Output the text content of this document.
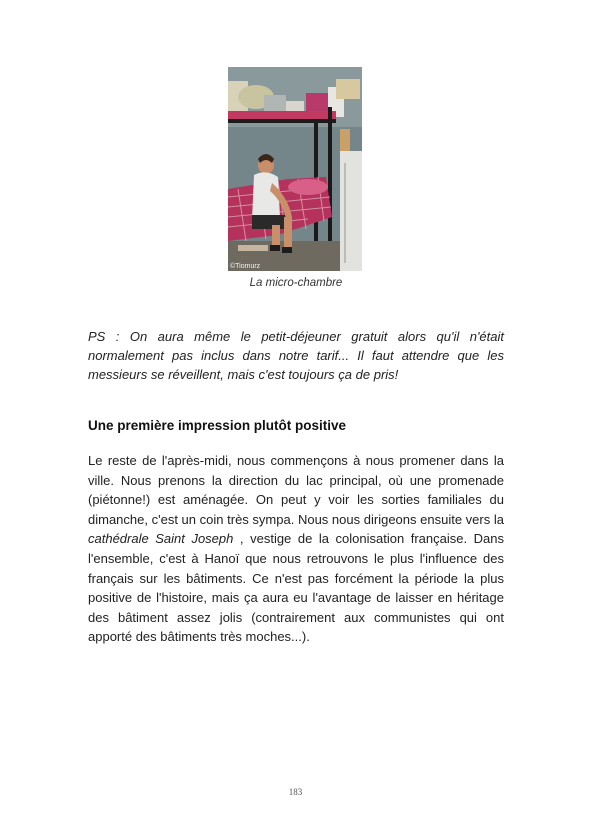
©Tiomurz
La micro-chambre

PS : On aura même le petit-déjeuner gratuit alors qu'il n'était normalement pas inclus dans notre tarif... Il faut attendre que les messieurs se réveillent, mais c'est toujours ça de pris!

Une première impression plutôt positive

Le reste de l'après-midi, nous commençons à nous promener dans la ville. Nous prenons la direction du lac principal, où une promenade (piétonne!) est aménagée. On peut y voir les sorties familiales du dimanche, c'est un coin très sympa. Nous nous dirigeons ensuite vers la cathédrale Saint Joseph , vestige de la colonisation française. Dans l'ensemble, c'est à Hanoï que nous retrouvons le plus l'influence des français sur les bâtiments. Ce n'est pas forcément la période la plus positive de l'histoire, mais ça aura eu l'avantage de laisser en héritage des bâtiment assez jolis (contrairement aux communistes qui ont apporté des bâtiments très moches...).

183
